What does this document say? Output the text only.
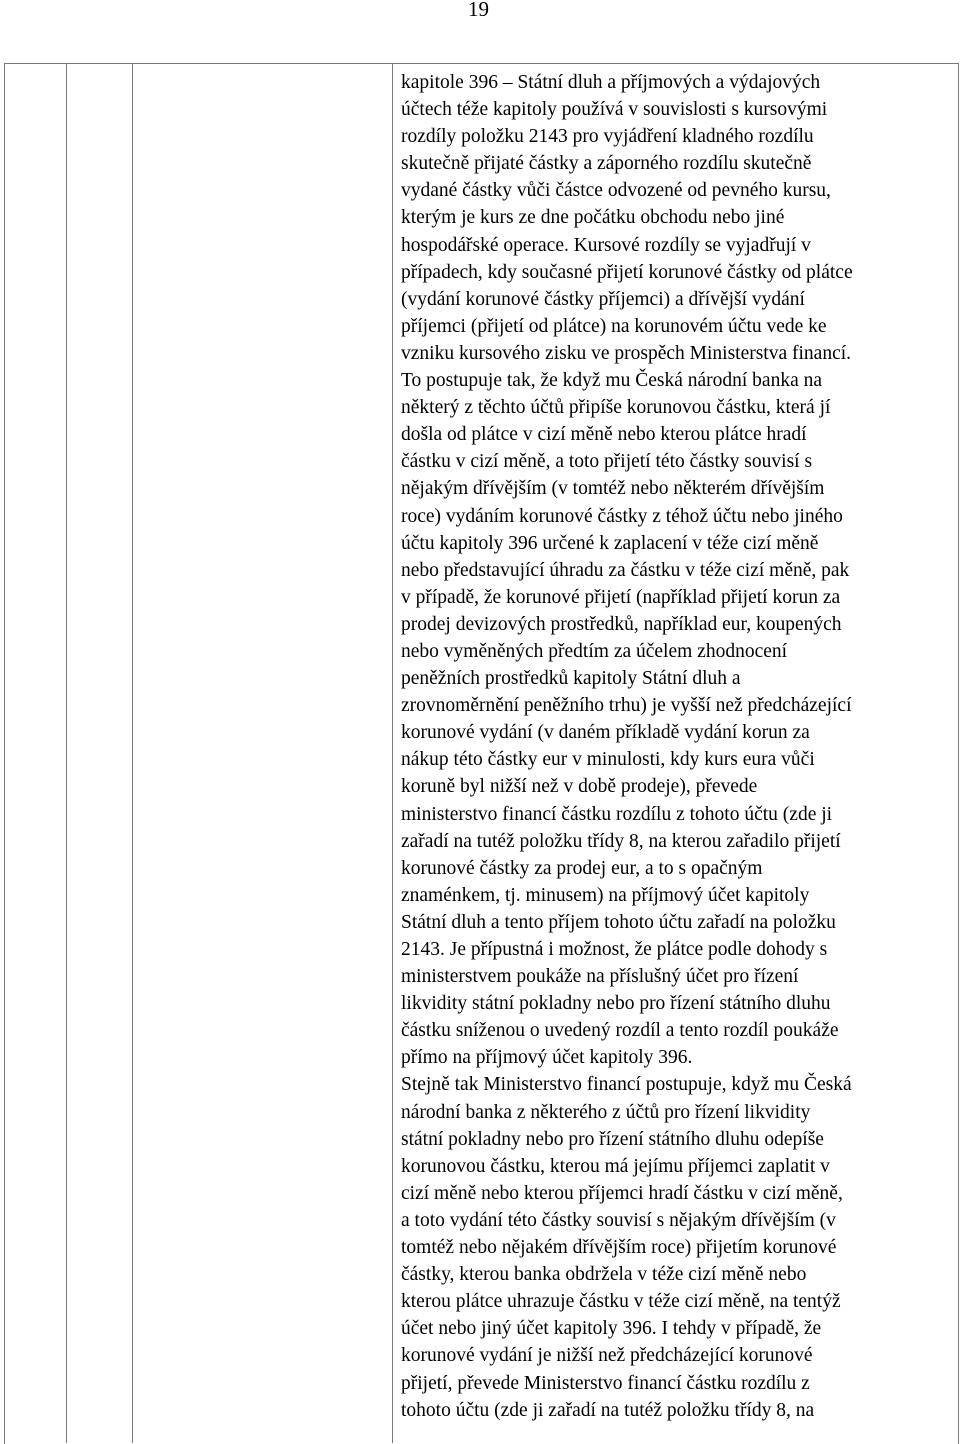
19
kapitole 396 – Státní dluh a příjmových a výdajových
účtech téže kapitoly používá v souvislosti s kursovými
rozdíly položku 2143 pro vyjádření kladného rozdílu
skutečně přijaté částky a záporného rozdílu skutečně
vydané částky vůči částce odvozené od pevného kursu,
kterým je kurs ze dne počátku obchodu nebo jiné
hospodářské operace. Kursové rozdíly se vyjadřují v
případech, kdy současné přijetí korunové částky od plátce
(vydání korunové částky příjemci) a dřívější vydání
příjemci (přijetí od plátce) na korunovém účtu vede ke
vzniku kursového zisku ve prospěch Ministerstva financí.
To postupuje tak, že když mu Česká národní banka na
některý z těchto účtů připíše korunovou částku, která jí
došla od plátce v cizí měně nebo kterou plátce hradí
částku v cizí měně, a toto přijetí této částky souvisí s
nějakým dřívějším (v tomtéž nebo některém dřívějším
roce) vydáním korunové částky z téhož účtu nebo jiného
účtu kapitoly 396 určené k zaplacení v téže cizí měně
nebo představující úhradu za částku v téže cizí měně, pak
v případě, že korunové přijetí (například přijetí korun za
prodej devizových prostředků, například eur, koupených
nebo vyměněných předtím za účelem zhodnocení
peněžních prostředků kapitoly Státní dluh a
zrovnoměrnění peněžního trhu) je vyšší než předcházející
korunové vydání (v daném příkladě vydání korun za
nákup této částky eur v minulosti, kdy kurs eura vůči
koruně byl nižší než v době prodeje), převede
ministerstvo financí částku rozdílu z tohoto účtu (zde ji
zařadí na tutéž položku třídy 8, na kterou zařadilo přijetí
korunové částky za prodej eur, a to s opačným
znaménkem, tj. minusem) na příjmový účet kapitoly
Státní dluh a tento příjem tohoto účtu zařadí na položku
2143. Je přípustná i možnost, že plátce podle dohody s
ministerstvem poukáže na příslušný účet pro řízení
likvidity státní pokladny nebo pro řízení státního dluhu
částku sníženou o uvedený rozdíl a tento rozdíl poukáže
přímo na příjmový účet kapitoly 396.
Stejně tak Ministerstvo financí postupuje, když mu Česká
národní banka z některého z účtů pro řízení likvidity
státní pokladny nebo pro řízení státního dluhu odepíše
korunovou částku, kterou má jejímu příjemci zaplatit v
cizí měně nebo kterou příjemci hradí částku v cizí měně,
a toto vydání této částky souvisí s nějakým dřívějším (v
tomtéž nebo nějakém dřívějším roce) přijetím korunové
částky, kterou banka obdržela v téže cizí měně nebo
kterou plátce uhrazuje částku v téže cizí měně, na tentýž
účet nebo jiný účet kapitoly 396. I tehdy v případě, že
korunové vydání je nižší než předcházející korunové
přijetí, převede Ministerstvo financí částku rozdílu z
tohoto účtu (zde ji zařadí na tutéž položku třídy 8, na
